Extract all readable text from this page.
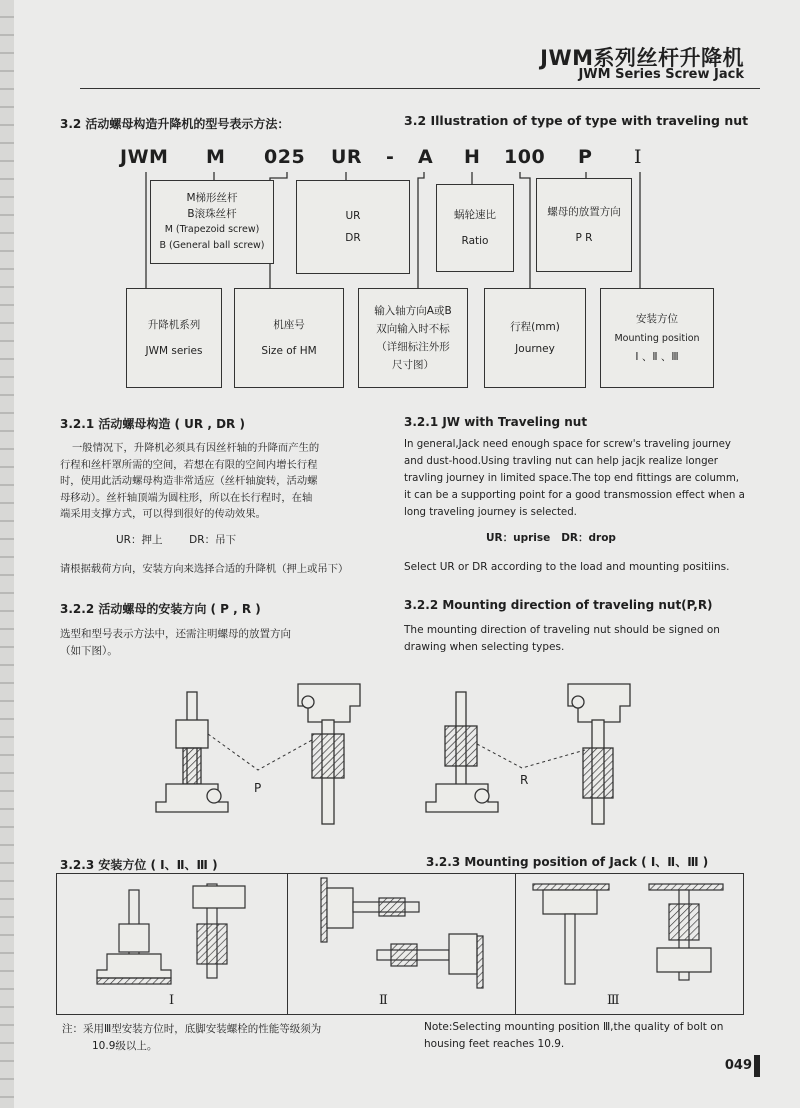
JWM系列丝杆升降机
JWM Series Screw Jack
3.2 活动螺母构造升降机的型号表示方法：	3.2 Illustration of type of type with traveling nut
JWM M 025 UR - A H 100 P I
M梯形丝杆
B滚珠丝杆
M (Trapezoid screw)
B (General ball screw)
UR
DR
蜗轮速比
Ratio
螺母的放置方向
P R
升降机系列
JWM series
机座号
Size of HM
输入轴方向A或B
双向输入时不标
（详细标注外形
尺寸图）
行程(mm)
Journey
安装方位
Mounting position
Ⅰ 、Ⅱ 、Ⅲ
3.2.1 活动螺母构造 ( UR , DR )	3.2.1 JW with Traveling nut
一般情况下，升降机必须具有因丝杆轴的升降而产生的
行程和丝杆罩所需的空间，若想在有限的空间内增长行程
时，使用此活动螺母构造非常适应（丝杆轴旋转，活动螺
母移动）。丝杆轴顶端为圆柱形，所以在长行程时，在轴
端采用支撑方式，可以得到很好的传动效果。
In general,Jack need enough space for screw's traveling journey
and dust-hood.Using travling nut can help jacjk realize longer
travling journey in limited space.The top end fittings are columm,
it can be a supporting point for a good transmossion effect when a
long traveling journey is selected.
UR：押上        DR：吊下	UR：uprise   DR：drop
请根据载荷方向，安装方向来选择合适的升降机（押上或吊下）	Select UR or DR according to the load and mounting positiins.
3.2.2 活动螺母的安装方向 ( P , R )	3.2.2 Mounting direction of traveling nut(P,R)
选型和型号表示方法中，还需注明螺母的放置方向
（如下图）。
The mounting direction of traveling nut should be signed on
drawing when selecting types.
P
R
3.2.3 安装方位 ( Ⅰ、Ⅱ、Ⅲ )	3.2.3 Mounting position of Jack ( Ⅰ、Ⅱ、Ⅲ )
Ⅰ	Ⅱ	Ⅲ
注：采用Ⅲ型安装方位时，底脚安装螺栓的性能等级须为
10.9级以上。
Note:Selecting mounting position Ⅲ,the quality of bolt on
housing feet reaches 10.9.
049
